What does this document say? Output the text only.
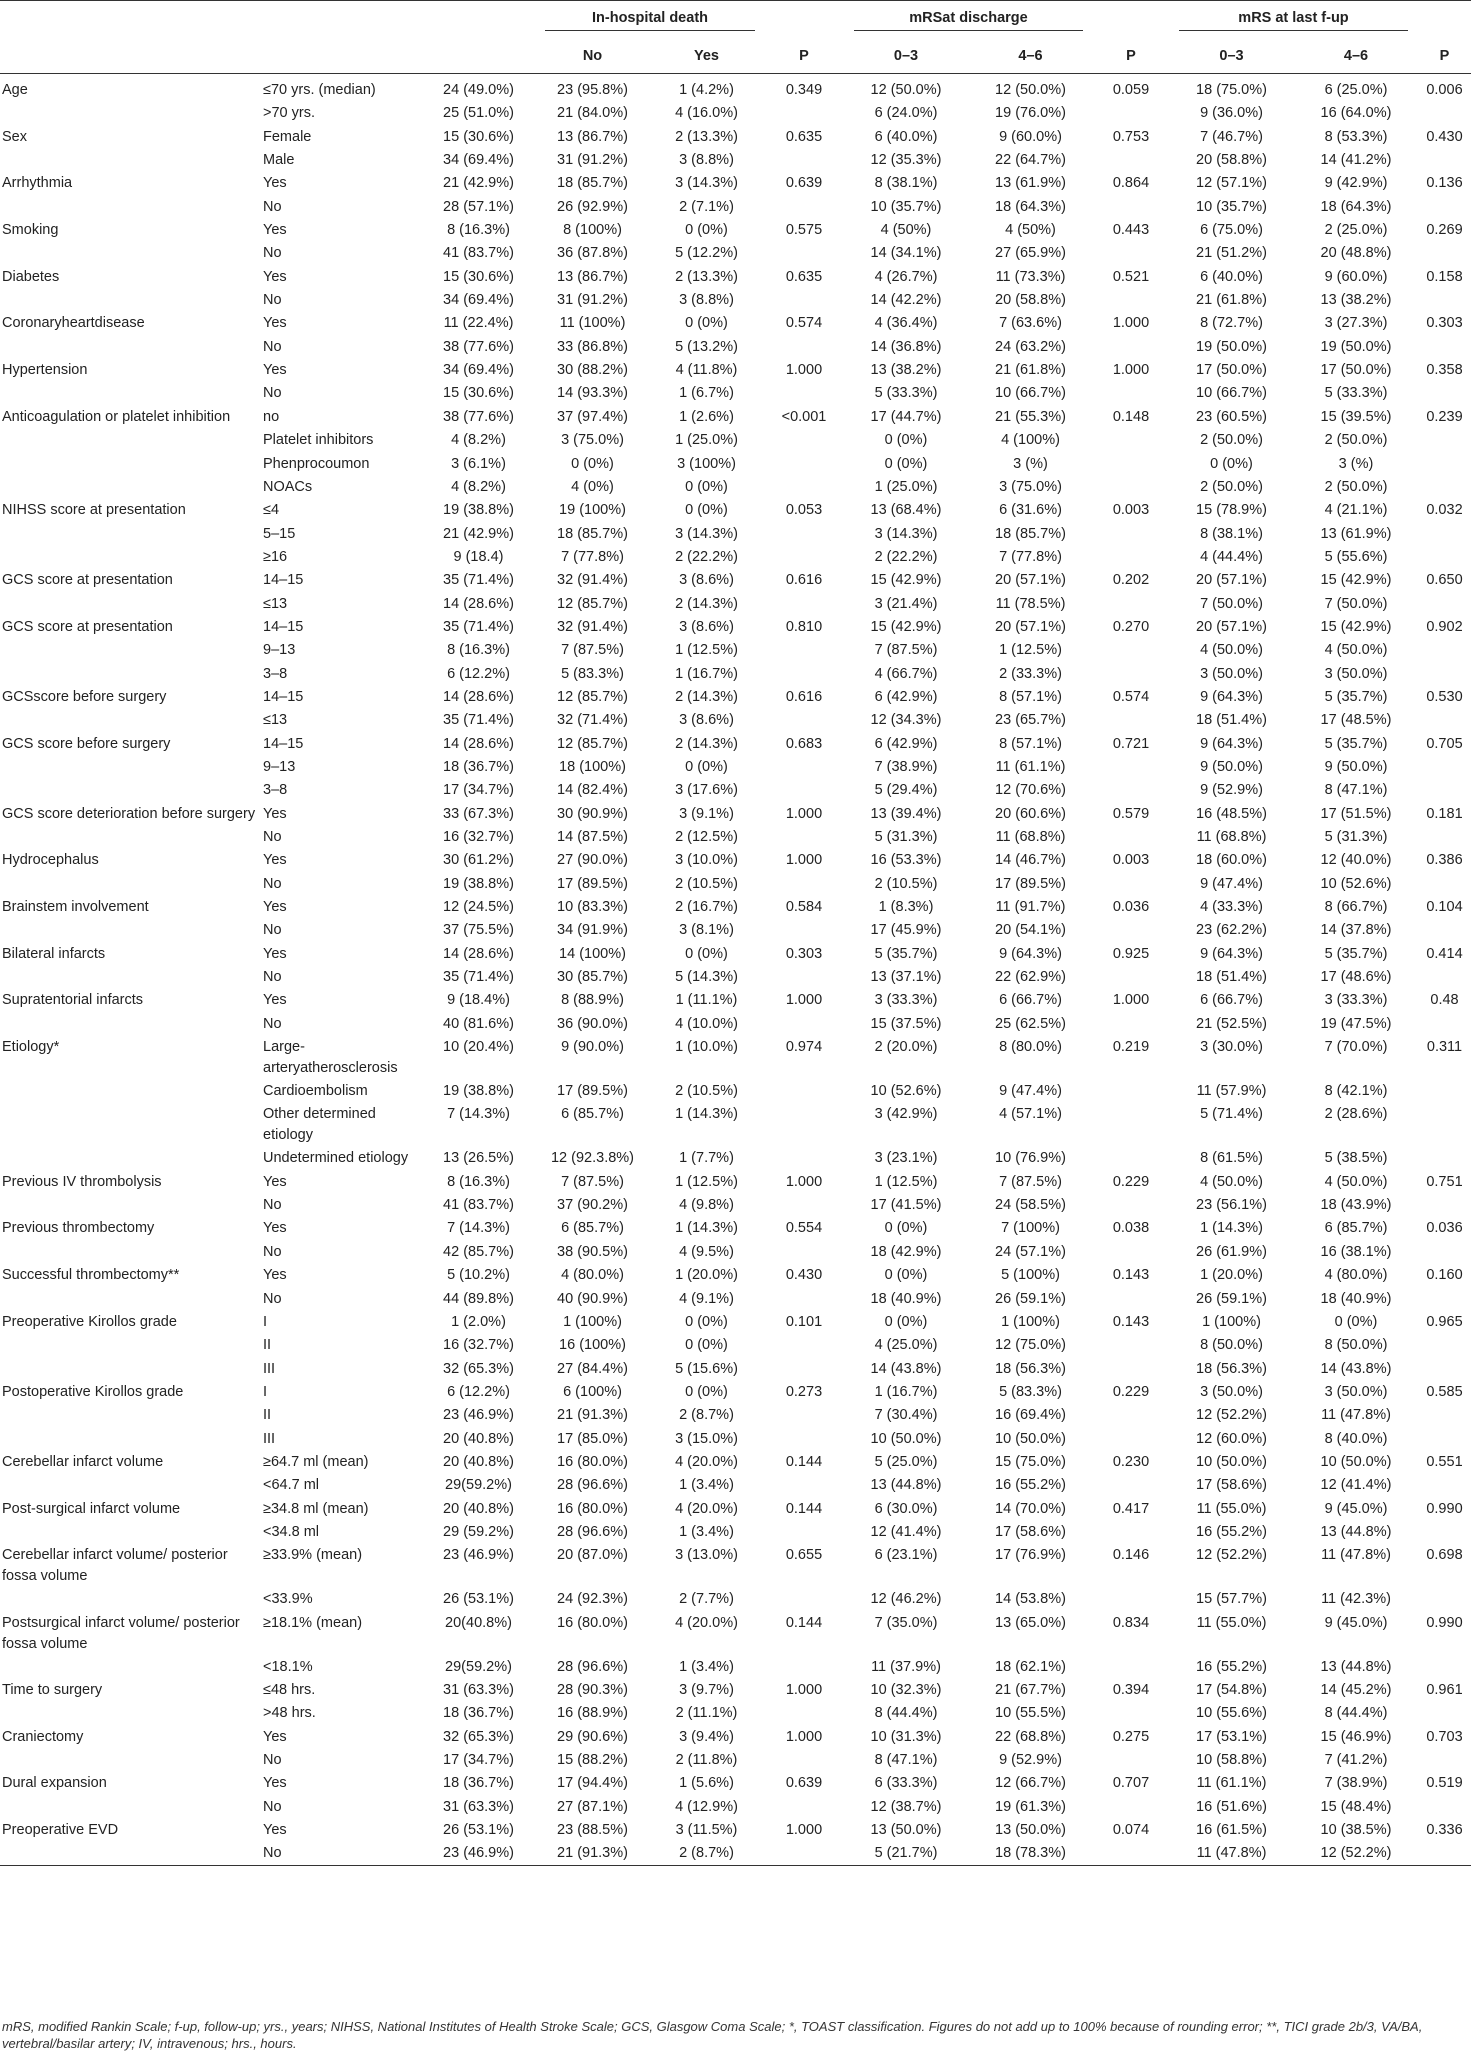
			In-hospital death			mRSat discharge			mRS at last f-up		
			No	Yes	P	0–3	4–6	P	0–3	4–6	P
Age	≤70 yrs. (median)	24 (49.0%)	23 (95.8%)	1 (4.2%)	0.349	12 (50.0%)	12 (50.0%)	0.059	18 (75.0%)	6 (25.0%)	0.006
	>70 yrs.	25 (51.0%)	21 (84.0%)	4 (16.0%)		6 (24.0%)	19 (76.0%)		9 (36.0%)	16 (64.0%)	
Sex	Female	15 (30.6%)	13 (86.7%)	2 (13.3%)	0.635	6 (40.0%)	9 (60.0%)	0.753	7 (46.7%)	8 (53.3%)	0.430
	Male	34 (69.4%)	31 (91.2%)	3 (8.8%)		12 (35.3%)	22 (64.7%)		20 (58.8%)	14 (41.2%)	
Arrhythmia	Yes	21 (42.9%)	18 (85.7%)	3 (14.3%)	0.639	8 (38.1%)	13 (61.9%)	0.864	12 (57.1%)	9 (42.9%)	0.136
	No	28 (57.1%)	26 (92.9%)	2 (7.1%)		10 (35.7%)	18 (64.3%)		10 (35.7%)	18 (64.3%)	
Smoking	Yes	8 (16.3%)	8 (100%)	0 (0%)	0.575	4 (50%)	4 (50%)	0.443	6 (75.0%)	2 (25.0%)	0.269
	No	41 (83.7%)	36 (87.8%)	5 (12.2%)		14 (34.1%)	27 (65.9%)		21 (51.2%)	20 (48.8%)	
Diabetes	Yes	15 (30.6%)	13 (86.7%)	2 (13.3%)	0.635	4 (26.7%)	11 (73.3%)	0.521	6 (40.0%)	9 (60.0%)	0.158
	No	34 (69.4%)	31 (91.2%)	3 (8.8%)		14 (42.2%)	20 (58.8%)		21 (61.8%)	13 (38.2%)	
Coronaryheartdisease	Yes	11 (22.4%)	11 (100%)	0 (0%)	0.574	4 (36.4%)	7 (63.6%)	1.000	8 (72.7%)	3 (27.3%)	0.303
	No	38 (77.6%)	33 (86.8%)	5 (13.2%)		14 (36.8%)	24 (63.2%)		19 (50.0%)	19 (50.0%)	
Hypertension	Yes	34 (69.4%)	30 (88.2%)	4 (11.8%)	1.000	13 (38.2%)	21 (61.8%)	1.000	17 (50.0%)	17 (50.0%)	0.358
	No	15 (30.6%)	14 (93.3%)	1 (6.7%)		5 (33.3%)	10 (66.7%)		10 (66.7%)	5 (33.3%)	
Anticoagulation or platelet inhibition	no	38 (77.6%)	37 (97.4%)	1 (2.6%)	<0.001	17 (44.7%)	21 (55.3%)	0.148	23 (60.5%)	15 (39.5%)	0.239
	Platelet inhibitors	4 (8.2%)	3 (75.0%)	1 (25.0%)		0 (0%)	4 (100%)		2 (50.0%)	2 (50.0%)	
	Phenprocoumon	3 (6.1%)	0 (0%)	3 (100%)		0 (0%)	3 (%)		0 (0%)	3 (%)	
	NOACs	4 (8.2%)	4 (0%)	0 (0%)		1 (25.0%)	3 (75.0%)		2 (50.0%)	2 (50.0%)	
NIHSS score at presentation	≤4	19 (38.8%)	19 (100%)	0 (0%)	0.053	13 (68.4%)	6 (31.6%)	0.003	15 (78.9%)	4 (21.1%)	0.032
	5–15	21 (42.9%)	18 (85.7%)	3 (14.3%)		3 (14.3%)	18 (85.7%)		8 (38.1%)	13 (61.9%)	
	≥16	9 (18.4)	7 (77.8%)	2 (22.2%)		2 (22.2%)	7 (77.8%)		4 (44.4%)	5 (55.6%)	
GCS score at presentation	14–15	35 (71.4%)	32 (91.4%)	3 (8.6%)	0.616	15 (42.9%)	20 (57.1%)	0.202	20 (57.1%)	15 (42.9%)	0.650
	≤13	14 (28.6%)	12 (85.7%)	2 (14.3%)		3 (21.4%)	11 (78.5%)		7 (50.0%)	7 (50.0%)	
GCS score at presentation	14–15	35 (71.4%)	32 (91.4%)	3 (8.6%)	0.810	15 (42.9%)	20 (57.1%)	0.270	20 (57.1%)	15 (42.9%)	0.902
	9–13	8 (16.3%)	7 (87.5%)	1 (12.5%)		7 (87.5%)	1 (12.5%)		4 (50.0%)	4 (50.0%)	
	3–8	6 (12.2%)	5 (83.3%)	1 (16.7%)		4 (66.7%)	2 (33.3%)		3 (50.0%)	3 (50.0%)	
GCSscore before surgery	14–15	14 (28.6%)	12 (85.7%)	2 (14.3%)	0.616	6 (42.9%)	8 (57.1%)	0.574	9 (64.3%)	5 (35.7%)	0.530
	≤13	35 (71.4%)	32 (71.4%)	3 (8.6%)		12 (34.3%)	23 (65.7%)		18 (51.4%)	17 (48.5%)	
GCS score before surgery	14–15	14 (28.6%)	12 (85.7%)	2 (14.3%)	0.683	6 (42.9%)	8 (57.1%)	0.721	9 (64.3%)	5 (35.7%)	0.705
	9–13	18 (36.7%)	18 (100%)	0 (0%)		7 (38.9%)	11 (61.1%)		9 (50.0%)	9 (50.0%)	
	3–8	17 (34.7%)	14 (82.4%)	3 (17.6%)		5 (29.4%)	12 (70.6%)		9 (52.9%)	8 (47.1%)	
GCS score deterioration before surgery	Yes	33 (67.3%)	30 (90.9%)	3 (9.1%)	1.000	13 (39.4%)	20 (60.6%)	0.579	16 (48.5%)	17 (51.5%)	0.181
	No	16 (32.7%)	14 (87.5%)	2 (12.5%)		5 (31.3%)	11 (68.8%)		11 (68.8%)	5 (31.3%)	
Hydrocephalus	Yes	30 (61.2%)	27 (90.0%)	3 (10.0%)	1.000	16 (53.3%)	14 (46.7%)	0.003	18 (60.0%)	12 (40.0%)	0.386
	No	19 (38.8%)	17 (89.5%)	2 (10.5%)		2 (10.5%)	17 (89.5%)		9 (47.4%)	10 (52.6%)	
Brainstem involvement	Yes	12 (24.5%)	10 (83.3%)	2 (16.7%)	0.584	1 (8.3%)	11 (91.7%)	0.036	4 (33.3%)	8 (66.7%)	0.104
	No	37 (75.5%)	34 (91.9%)	3 (8.1%)		17 (45.9%)	20 (54.1%)		23 (62.2%)	14 (37.8%)	
Bilateral infarcts	Yes	14 (28.6%)	14 (100%)	0 (0%)	0.303	5 (35.7%)	9 (64.3%)	0.925	9 (64.3%)	5 (35.7%)	0.414
	No	35 (71.4%)	30 (85.7%)	5 (14.3%)		13 (37.1%)	22 (62.9%)		18 (51.4%)	17 (48.6%)	
Supratentorial infarcts	Yes	9 (18.4%)	8 (88.9%)	1 (11.1%)	1.000	3 (33.3%)	6 (66.7%)	1.000	6 (66.7%)	3 (33.3%)	0.48
	No	40 (81.6%)	36 (90.0%)	4 (10.0%)		15 (37.5%)	25 (62.5%)		21 (52.5%)	19 (47.5%)	
Etiology*	Large-arteryatherosclerosis	10 (20.4%)	9 (90.0%)	1 (10.0%)	0.974	2 (20.0%)	8 (80.0%)	0.219	3 (30.0%)	7 (70.0%)	0.311
	Cardioembolism	19 (38.8%)	17 (89.5%)	2 (10.5%)		10 (52.6%)	9 (47.4%)		11 (57.9%)	8 (42.1%)	
	Other determined etiology	7 (14.3%)	6 (85.7%)	1 (14.3%)		3 (42.9%)	4 (57.1%)		5 (71.4%)	2 (28.6%)	
	Undetermined etiology	13 (26.5%)	12 (92.3.8%)	1 (7.7%)		3 (23.1%)	10 (76.9%)		8 (61.5%)	5 (38.5%)	
Previous IV thrombolysis	Yes	8 (16.3%)	7 (87.5%)	1 (12.5%)	1.000	1 (12.5%)	7 (87.5%)	0.229	4 (50.0%)	4 (50.0%)	0.751
	No	41 (83.7%)	37 (90.2%)	4 (9.8%)		17 (41.5%)	24 (58.5%)		23 (56.1%)	18 (43.9%)	
Previous thrombectomy	Yes	7 (14.3%)	6 (85.7%)	1 (14.3%)	0.554	0 (0%)	7 (100%)	0.038	1 (14.3%)	6 (85.7%)	0.036
	No	42 (85.7%)	38 (90.5%)	4 (9.5%)		18 (42.9%)	24 (57.1%)		26 (61.9%)	16 (38.1%)	
Successful thrombectomy**	Yes	5 (10.2%)	4 (80.0%)	1 (20.0%)	0.430	0 (0%)	5 (100%)	0.143	1 (20.0%)	4 (80.0%)	0.160
	No	44 (89.8%)	40 (90.9%)	4 (9.1%)		18 (40.9%)	26 (59.1%)		26 (59.1%)	18 (40.9%)	
Preoperative Kirollos grade	I	1 (2.0%)	1 (100%)	0 (0%)	0.101	0 (0%)	1 (100%)	0.143	1 (100%)	0 (0%)	0.965
	II	16 (32.7%)	16 (100%)	0 (0%)		4 (25.0%)	12 (75.0%)		8 (50.0%)	8 (50.0%)	
	III	32 (65.3%)	27 (84.4%)	5 (15.6%)		14 (43.8%)	18 (56.3%)		18 (56.3%)	14 (43.8%)	
Postoperative Kirollos grade	I	6 (12.2%)	6 (100%)	0 (0%)	0.273	1 (16.7%)	5 (83.3%)	0.229	3 (50.0%)	3 (50.0%)	0.585
	II	23 (46.9%)	21 (91.3%)	2 (8.7%)		7 (30.4%)	16 (69.4%)		12 (52.2%)	11 (47.8%)	
	III	20 (40.8%)	17 (85.0%)	3 (15.0%)		10 (50.0%)	10 (50.0%)		12 (60.0%)	8 (40.0%)	
Cerebellar infarct volume	≥64.7 ml (mean)	20 (40.8%)	16 (80.0%)	4 (20.0%)	0.144	5 (25.0%)	15 (75.0%)	0.230	10 (50.0%)	10 (50.0%)	0.551
	<64.7 ml	29(59.2%)	28 (96.6%)	1 (3.4%)		13 (44.8%)	16 (55.2%)		17 (58.6%)	12 (41.4%)	
Post-surgical infarct volume	≥34.8 ml (mean)	20 (40.8%)	16 (80.0%)	4 (20.0%)	0.144	6 (30.0%)	14 (70.0%)	0.417	11 (55.0%)	9 (45.0%)	0.990
	<34.8 ml	29 (59.2%)	28 (96.6%)	1 (3.4%)		12 (41.4%)	17 (58.6%)		16 (55.2%)	13 (44.8%)	
Cerebellar infarct volume/ posterior fossa volume	≥33.9% (mean)	23 (46.9%)	20 (87.0%)	3 (13.0%)	0.655	6 (23.1%)	17 (76.9%)	0.146	12 (52.2%)	11 (47.8%)	0.698
	<33.9%	26 (53.1%)	24 (92.3%)	2 (7.7%)		12 (46.2%)	14 (53.8%)		15 (57.7%)	11 (42.3%)	
Postsurgical infarct volume/ posterior fossa volume	≥18.1% (mean)	20(40.8%)	16 (80.0%)	4 (20.0%)	0.144	7 (35.0%)	13 (65.0%)	0.834	11 (55.0%)	9 (45.0%)	0.990
	<18.1%	29(59.2%)	28 (96.6%)	1 (3.4%)		11 (37.9%)	18 (62.1%)		16 (55.2%)	13 (44.8%)	
Time to surgery	≤48 hrs.	31 (63.3%)	28 (90.3%)	3 (9.7%)	1.000	10 (32.3%)	21 (67.7%)	0.394	17 (54.8%)	14 (45.2%)	0.961
	>48 hrs.	18 (36.7%)	16 (88.9%)	2 (11.1%)		8 (44.4%)	10 (55.5%)		10 (55.6%)	8 (44.4%)	
Craniectomy	Yes	32 (65.3%)	29 (90.6%)	3 (9.4%)	1.000	10 (31.3%)	22 (68.8%)	0.275	17 (53.1%)	15 (46.9%)	0.703
	No	17 (34.7%)	15 (88.2%)	2 (11.8%)		8 (47.1%)	9 (52.9%)		10 (58.8%)	7 (41.2%)	
Dural expansion	Yes	18 (36.7%)	17 (94.4%)	1 (5.6%)	0.639	6 (33.3%)	12 (66.7%)	0.707	11 (61.1%)	7 (38.9%)	0.519
	No	31 (63.3%)	27 (87.1%)	4 (12.9%)		12 (38.7%)	19 (61.3%)		16 (51.6%)	15 (48.4%)	
Preoperative EVD	Yes	26 (53.1%)	23 (88.5%)	3 (11.5%)	1.000	13 (50.0%)	13 (50.0%)	0.074	16 (61.5%)	10 (38.5%)	0.336
	No	23 (46.9%)	21 (91.3%)	2 (8.7%)		5 (21.7%)	18 (78.3%)		11 (47.8%)	12 (52.2%)	
mRS, modified Rankin Scale; f-up, follow-up; yrs., years; NIHSS, National Institutes of Health Stroke Scale; GCS, Glasgow Coma Scale; *, TOAST classification. Figures do not add up to 100% because of rounding error; **, TICI grade 2b/3, VA/BA, vertebral/basilar artery; IV, intravenous; hrs., hours.
